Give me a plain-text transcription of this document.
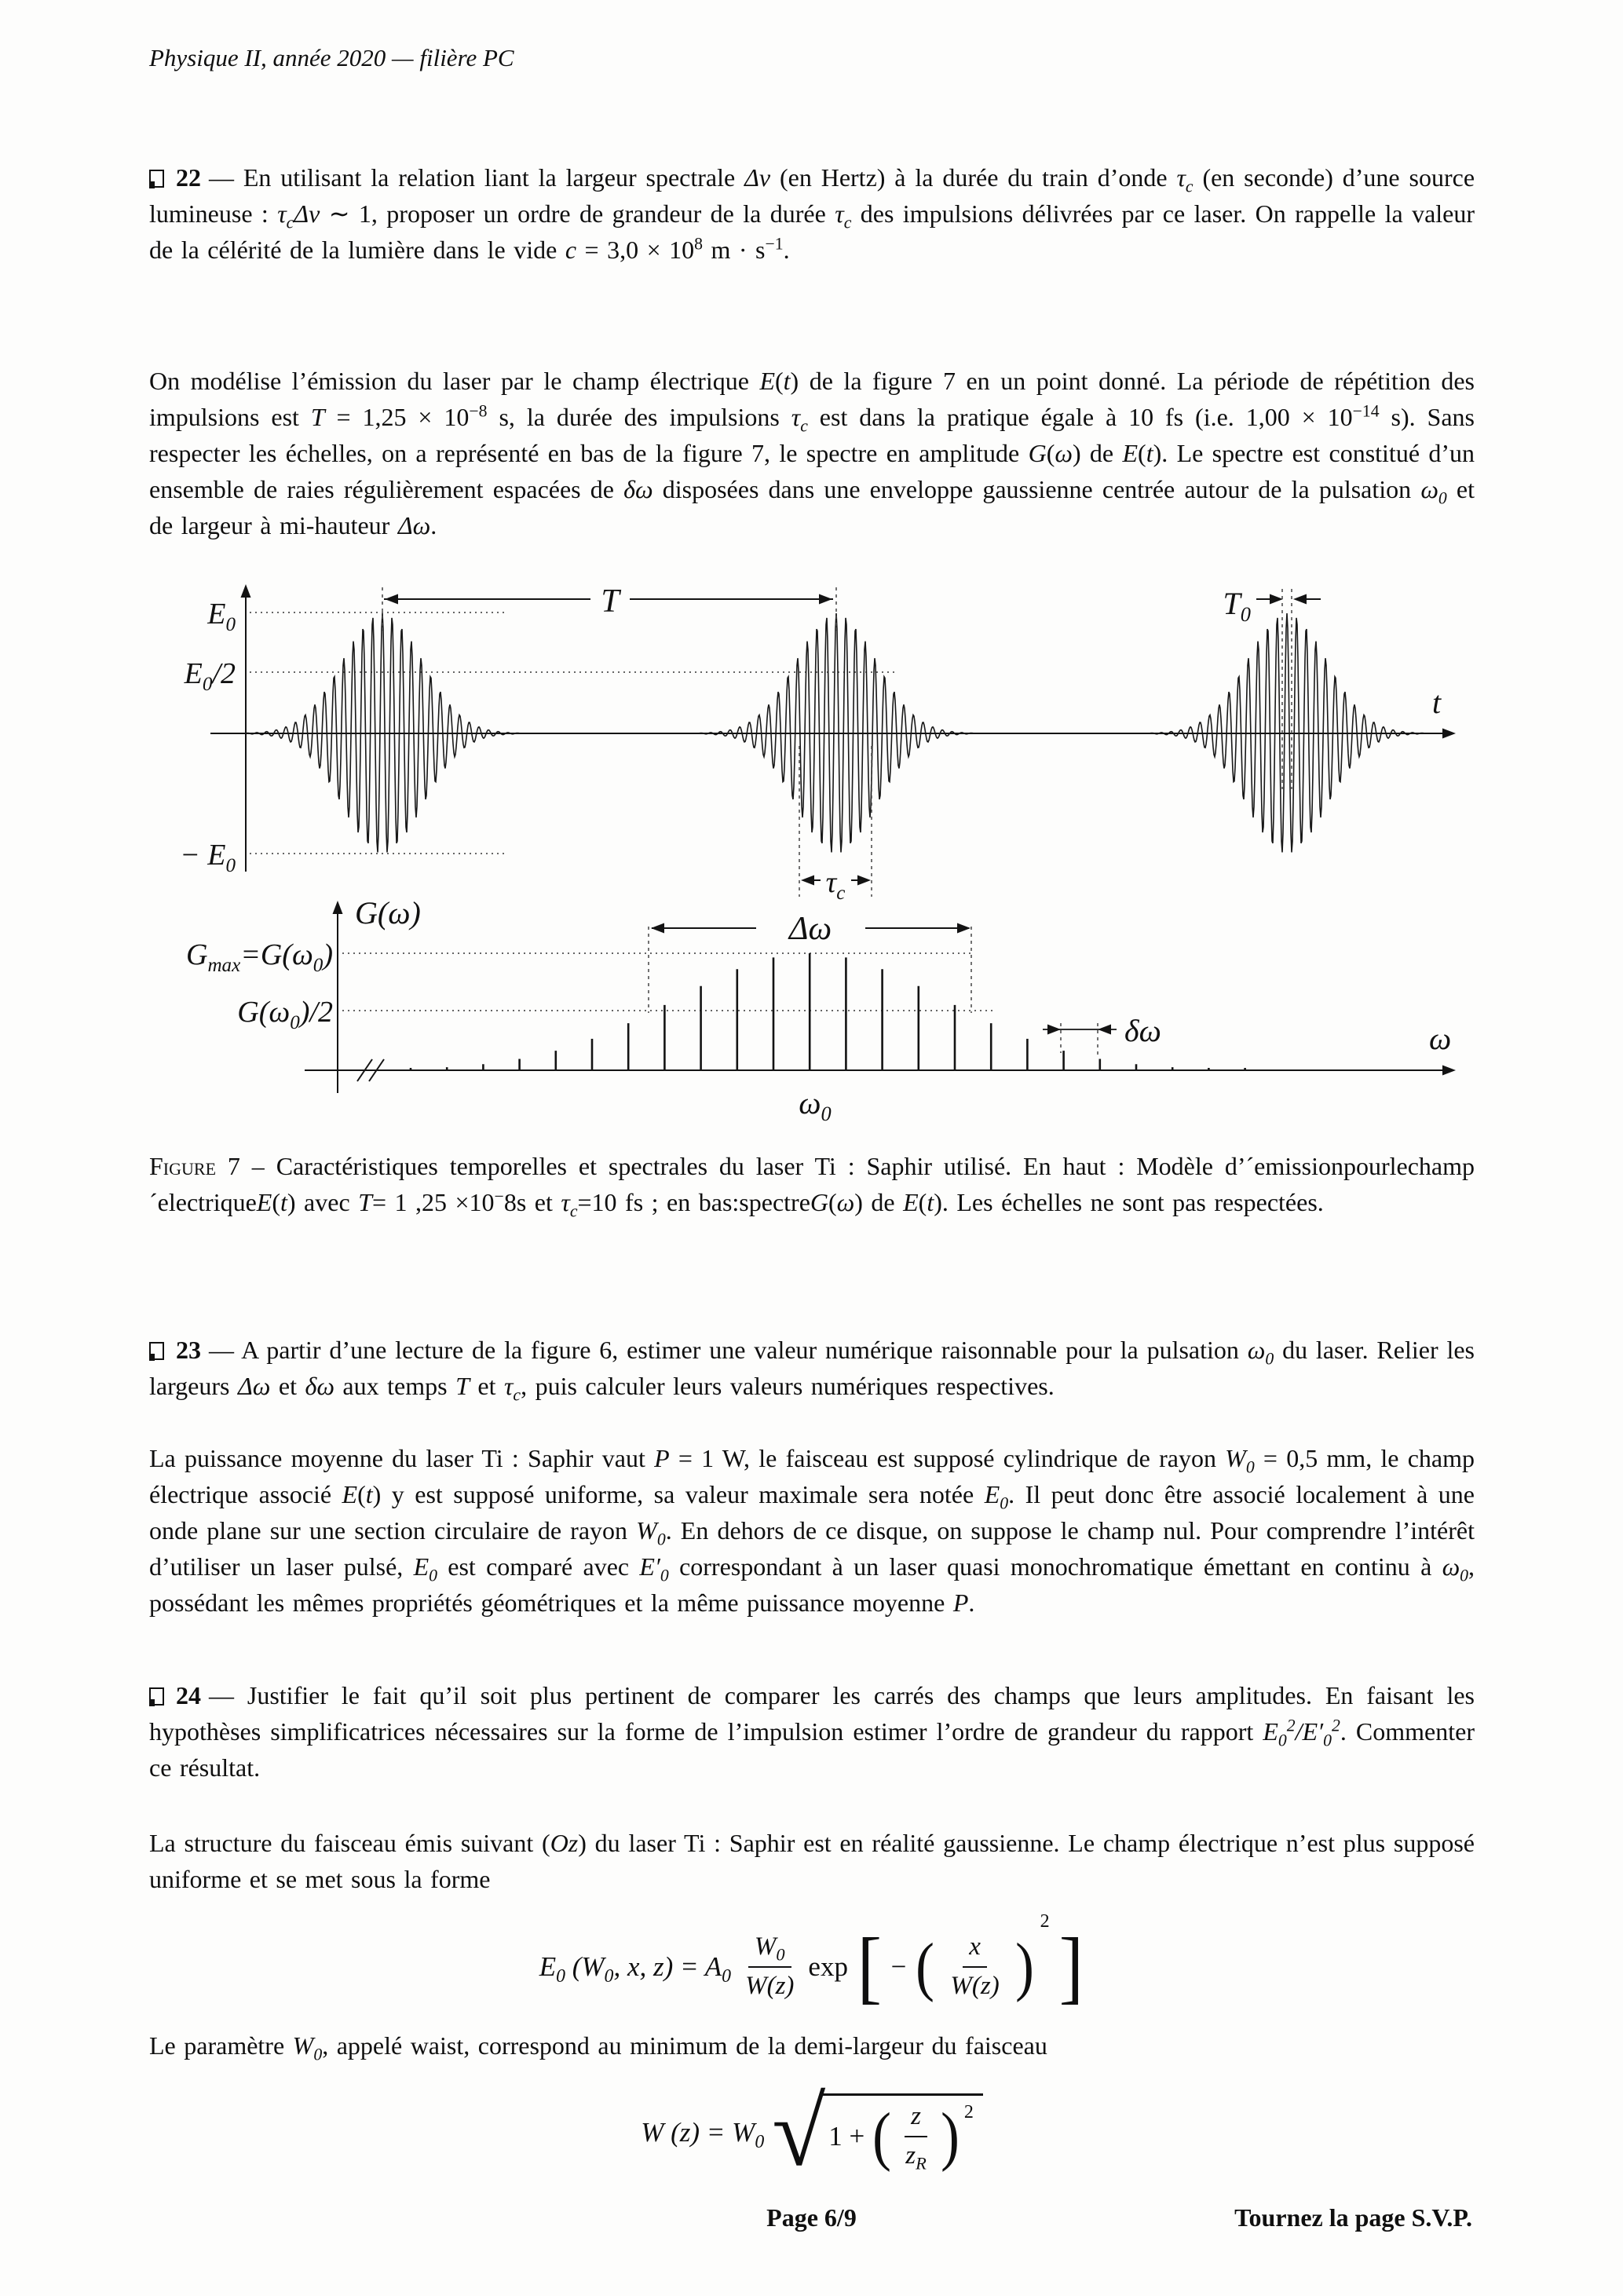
Physique II, année 2020 — filière PC
22 — En utilisant la relation liant la largeur spectrale Δν (en Hertz) à la durée du train d’onde $\tau_c$ (en seconde) d’une source lumineuse : $\tau_c\Delta\nu$ ∼ 1, proposer un ordre de grandeur de la durée $\tau_c$ des impulsions délivrées par ce laser. On rappelle la valeur de la célérité de la lumière dans le vide $c = 3,0 \times 10^8$ $m \cdot s^{-1}$.
On modélise l’émission du laser par le champ électrique E(t) de la figure 7 en un point donné. La période de répétition des impulsions est $T = 1,25 \times 10^{-8}$ s, la durée des impulsions $\tau_c$ est dans la pratique égale à 10 fs (i.e. $1,00 \times 10^{-14}$ s). Sans respecter les échelles, on a représenté en bas de la figure 7, le spectre en amplitude G(ω) de E(t). Le spectre est constitué d’un ensemble de raies régulièrement espacées de δω disposées dans une enveloppe gaussienne centrée autour de la pulsation $\omega_0$ et de largeur à mi-hauteur Δω.
$E_0$
$E_0/2$
− $E_0$
t
T	$T_0$
$\tau_c$
G(ω)
$G_{max}=G(\omega_0)$
$G(\omega_0)/2$
Δω
δω	ω
$\omega_0$
Figure 7 – Caractéristiques temporelles et spectrales du laser Ti : Saphir utilisé. En haut : Modèle d’´emissionpourlechamp´electriqueE(t) avec T= 1 ,25 ×10−8s et $\tau_c=10$ fs ; en bas:spectreG(ω) de E(t). Les échelles ne sont pas respectées.
23 — A partir d’une lecture de la figure 6, estimer une valeur numérique raisonnable pour la pulsation $\omega_0$ du laser. Relier les largeurs Δω et δω aux temps T et $\tau_c$, puis calculer leurs valeurs numériques respectives.
La puissance moyenne du laser Ti : Saphir vaut P = 1 W, le faisceau est supposé cylindrique de rayon $W_0 = 0,5$ mm, le champ électrique associé E(t) y est supposé uniforme, sa valeur maximale sera notée $E_0$. Il peut donc être associé localement à une onde plane sur une section circulaire de rayon $W_0$. En dehors de ce disque, on suppose le champ nul. Pour comprendre l’intérêt d’utiliser un laser pulsé, $E_0$ est comparé avec $E'_0$ correspondant à un laser quasi monochromatique émettant en continu à $\omega_0$, possédant les mêmes propriétés géométriques et la même puissance moyenne P.
24 — Justifier le fait qu’il soit plus pertinent de comparer les carrés des champs que leurs amplitudes. En faisant les hypothèses simplificatrices nécessaires sur la forme de l’impulsion estimer l’ordre de grandeur du rapport $E_0^2/E'_0^2$. Commenter ce résultat.
La structure du faisceau émis suivant (Oz) du laser Ti : Saphir est en réalité gaussienne. Le champ électrique n’est plus supposé uniforme et se met sous la forme
$E_0$ ($W_0$, x, $z) = A_0 \frac{W_0}{W(z)}$ exp [ − ( $\frac{x}{W(z)}$ )
2 ]
Le paramètre $W_0$, appelé waist, correspond au minimum de la demi-largeur du faisceau
W $(z) = W_0$ √ 1 + ( $\frac{z}{z_R}$ ) 2
Page 6/9	Tournez la page S.V.P.
